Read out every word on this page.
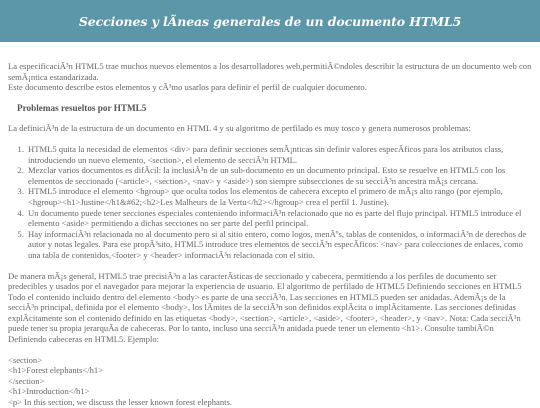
Secciones y lÃneas generales de un documento HTML5

La especificaciÃ³n HTML5 trae muchos nuevos elementos a los desarrolladores web,permitiÃ©ndoles describir la estructura de un documento web con semÃ¡ntica estandarizada.

Este documento describe estos elementos y cÃ³mo usarlos para definir el perfil de cualquier documento.

Problemas resueltos por HTML5

La definiciÃ³n de la estructura de un documento en HTML 4 y su algoritmo de perfilado es muy tosco y genera numerosos problemas:

1. HTML5 quita la necesidad de elementos <div> para definir secciones semÃ¡nticas sin definir valores especÃficos para los atributos class, introduciendo un nuevo elemento, <section>, el elemento de secciÃ³n HTML.
2. Mezclar varios documentos es difÃcil: la inclusiÃ³n de un sub-documento en un documento principal. Esto se resuelve en HTML5 con los elementos de seccionado (<article>, <section>, <nav> y <aside>) son siempre subsecciones de su secciÃ³n ancestra mÃ¡s cercana.
3. HTML5 introduce el elemento <hgroup> que oculta todos los elementos de cabecera excepto el primero de mÃ¡s alto rango (por ejemplo, <hgroup><h1>Justine</h1&#62;<h2>Les Malheurs de la Vertu</h2></hgroup> crea el perfil 1. Justine).
4. Un documento puede tener secciones especiales conteniendo informaciÃ³n relacionado que no es parte del flujo principal. HTML5 introduce el elemento <aside> permitiendo a dichas secciones no ser parte del perfil principal.
5. Hay informaciÃ³n relacionada no al documento pero si al sitio entero, como logos, menÃºs, tablas de contenidos, o informaciÃ³n de derechos de autor y notas legales. Para ese propÃ³sito, HTML5 introduce tres elementos de secciÃ³n especÃficos: <nav> para colecciones de enlaces, como una tabla de contenidos,<footer> y <header> informaciÃ³n relacionada con el sitio.

De manera mÃ¡s general, HTML5 trae precisiÃ³n a las caracterÃsticas de seccionado y cabecera, permitiendo a los perfiles de documento ser predecibles y usados por el navegador para mejorar la experiencia de usuario. El algoritmo de perfilado de HTML5 Definiendo secciones en HTML5 Todo el contenido incluido dentro del elemento <body> es parte de una secciÃ³n. Las secciones en HTML5 pueden ser anidadas. AdemÃ¡s de la secciÃ³n principal, definida por el elemento <body>, los lÃmites de la secciÃ³n son definidos explÃcita o implÃcitamente. Las secciones definidas explÃcitamente son el contenido definido en las etiquetas <body>, <section>, <article>, <aside>, <footer>, <header>, y <nav>. Nota: Cada secciÃ³n puede tener su propia jerarquÃa de cabeceras. Por lo tanto, incluso una secciÃ³n anidada puede tener un elemento <h1>. Consulte tambiÃ©n Definiendo cabeceras en HTML5. Ejemplo:

<section>

<h1>Forest elephants</h1>

</section>

<h1>Introduction</h1>

<p> In this section, we discuss the lesser known forest elephants.
